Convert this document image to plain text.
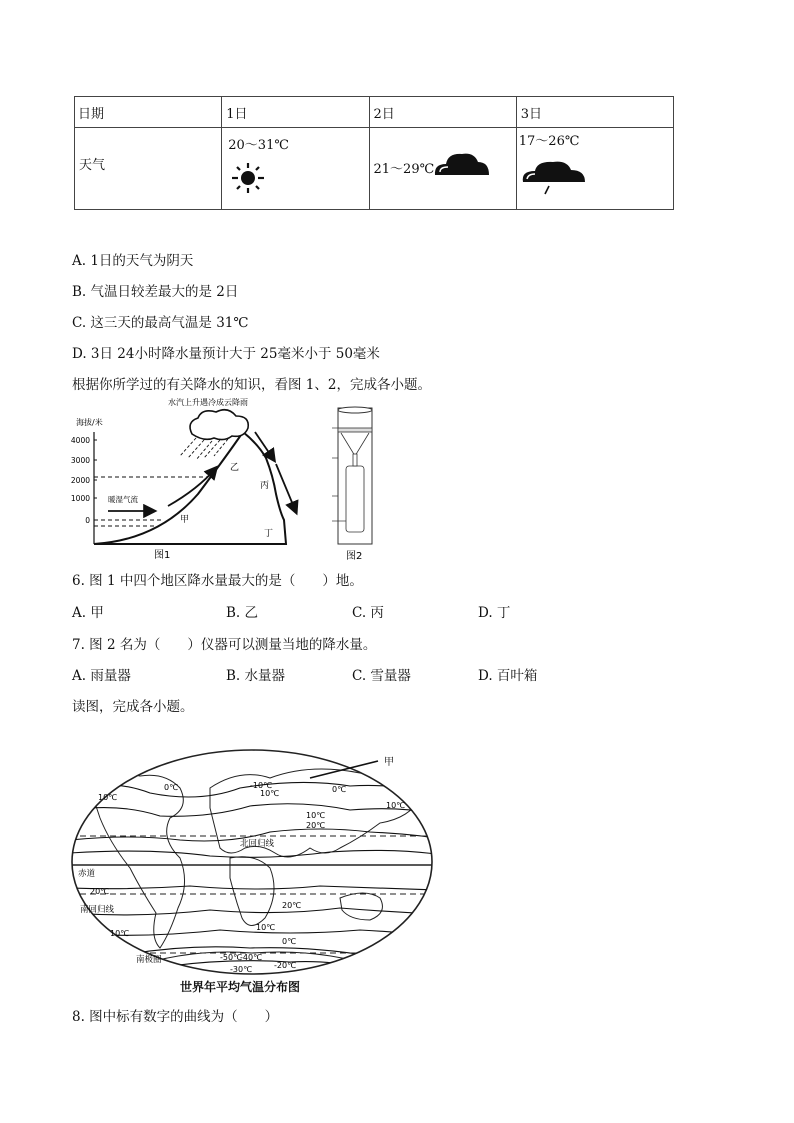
日期	1日	2日	3日

天气	20～31℃	21～29℃	17～26℃
A. 1日的天气为阴天
B. 气温日较差最大的是 2日
C. 这三天的最高气温是 31℃
D. 3日 24小时降水量预计大于 25毫米小于 50毫米
根据你所学过的有关降水的知识，看图 1、2，完成各小题。
水汽上升遇冷成云降雨
海拔/米
4000
3000
2000
1000
0
暖湿气流
甲
乙
丙
丁
图1	图2
6. 图 1 中四个地区降水量最大的是（　　）地。
A. 甲	B. 乙	C. 丙	D. 丁
7. 图 2 名为（　　）仪器可以测量当地的降水量。
A. 雨量器	B. 水量器	C. 雪量器	D. 百叶箱
读图，完成各小题。
甲
北回归线
赤道
南回归线
南极圈
10℃
0℃	-10℃
10℃	0℃
10℃
10℃
20℃
20℃
20℃
10℃
10℃
0℃
-50℃
-40℃
-20℃
-30℃
世界年平均气温分布图
8. 图中标有数字的曲线为（　　）
